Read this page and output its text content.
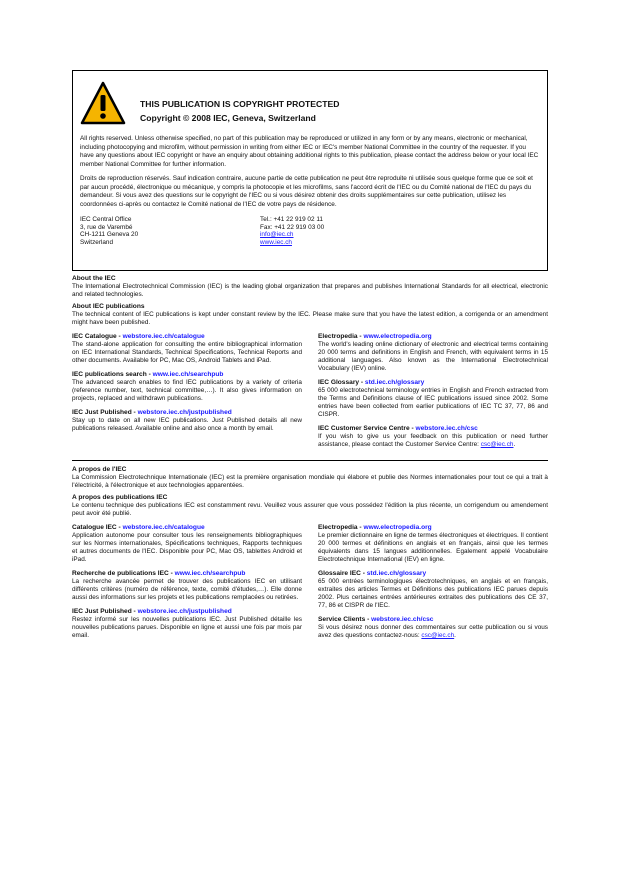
THIS PUBLICATION IS COPYRIGHT PROTECTED
Copyright © 2008 IEC, Geneva, Switzerland

All rights reserved. Unless otherwise specified, no part of this publication may be reproduced or utilized in any form or by any means, electronic or mechanical, including photocopying and microfilm, without permission in writing from either IEC or IEC's member National Committee in the country of the requester. If you have any questions about IEC copyright or have an enquiry about obtaining additional rights to this publication, please contact the address below or your local IEC member National Committee for further information.

Droits de reproduction réservés. Sauf indication contraire, aucune partie de cette publication ne peut être reproduite ni utilisée sous quelque forme que ce soit et par aucun procédé, électronique ou mécanique, y compris la photocopie et les microfilms, sans l'accord écrit de l'IEC ou du Comité national de l'IEC du pays du demandeur. Si vous avez des questions sur le copyright de l'IEC ou si vous désirez obtenir des droits supplémentaires sur cette publication, utilisez les coordonnées ci-après ou contactez le Comité national de l'IEC de votre pays de résidence.

IEC Central Office
3, rue de Varembé
CH-1211 Geneva 20
Switzerland
Tel.: +41 22 919 02 11
Fax: +41 22 919 03 00
info@iec.ch
www.iec.ch
About the IEC
The International Electrotechnical Commission (IEC) is the leading global organization that prepares and publishes International Standards for all electrical, electronic and related technologies.
About IEC publications
The technical content of IEC publications is kept under constant review by the IEC. Please make sure that you have the latest edition, a corrigenda or an amendment might have been published.
IEC Catalogue - webstore.iec.ch/catalogue
The stand-alone application for consulting the entire bibliographical information on IEC International Standards, Technical Specifications, Technical Reports and other documents. Available for PC, Mac OS, Android Tablets and iPad.
IEC publications search - www.iec.ch/searchpub
The advanced search enables to find IEC publications by a variety of criteria (reference number, text, technical committee,…). It also gives information on projects, replaced and withdrawn publications.
IEC Just Published - webstore.iec.ch/justpublished
Stay up to date on all new IEC publications. Just Published details all new publications released. Available online and also once a month by email.
Electropedia - www.electropedia.org
The world's leading online dictionary of electronic and electrical terms containing 20 000 terms and definitions in English and French, with equivalent terms in 15 additional languages. Also known as the International Electrotechnical Vocabulary (IEV) online.
IEC Glossary - std.iec.ch/glossary
65 000 electrotechnical terminology entries in English and French extracted from the Terms and Definitions clause of IEC publications issued since 2002. Some entries have been collected from earlier publications of IEC TC 37, 77, 86 and CISPR.
IEC Customer Service Centre - webstore.iec.ch/csc
If you wish to give us your feedback on this publication or need further assistance, please contact the Customer Service Centre: csc@iec.ch.
A propos de l'IEC
La Commission Electrotechnique Internationale (IEC) est la première organisation mondiale qui élabore et publie des Normes internationales pour tout ce qui a trait à l'électricité, à l'électronique et aux technologies apparentées.
A propos des publications IEC
Le contenu technique des publications IEC est constamment revu. Veuillez vous assurer que vous possédez l'édition la plus récente, un corrigendum ou amendement peut avoir été publié.
Catalogue IEC - webstore.iec.ch/catalogue
Application autonome pour consulter tous les renseignements bibliographiques sur les Normes internationales, Spécifications techniques, Rapports techniques et autres documents de l'IEC. Disponible pour PC, Mac OS, tablettes Android et iPad.
Recherche de publications IEC - www.iec.ch/searchpub
La recherche avancée permet de trouver des publications IEC en utilisant différents critères (numéro de référence, texte, comité d'études,…). Elle donne aussi des informations sur les projets et les publications remplacées ou retirées.
IEC Just Published - webstore.iec.ch/justpublished
Restez informé sur les nouvelles publications IEC. Just Published détaille les nouvelles publications parues. Disponible en ligne et aussi une fois par mois par email.
Electropedia - www.electropedia.org
Le premier dictionnaire en ligne de termes électroniques et électriques. Il contient 20 000 termes et définitions en anglais et en français, ainsi que les termes équivalents dans 15 langues additionnelles. Egalement appelé Vocabulaire Electrotechnique International (IEV) en ligne.
Glossaire IEC - std.iec.ch/glossary
65 000 entrées terminologiques électrotechniques, en anglais et en français, extraites des articles Termes et Définitions des publications IEC parues depuis 2002. Plus certaines entrées antérieures extraites des publications des CE 37, 77, 86 et CISPR de l'IEC.
Service Clients - webstore.iec.ch/csc
Si vous désirez nous donner des commentaires sur cette publication ou si vous avez des questions contactez-nous: csc@iec.ch.
